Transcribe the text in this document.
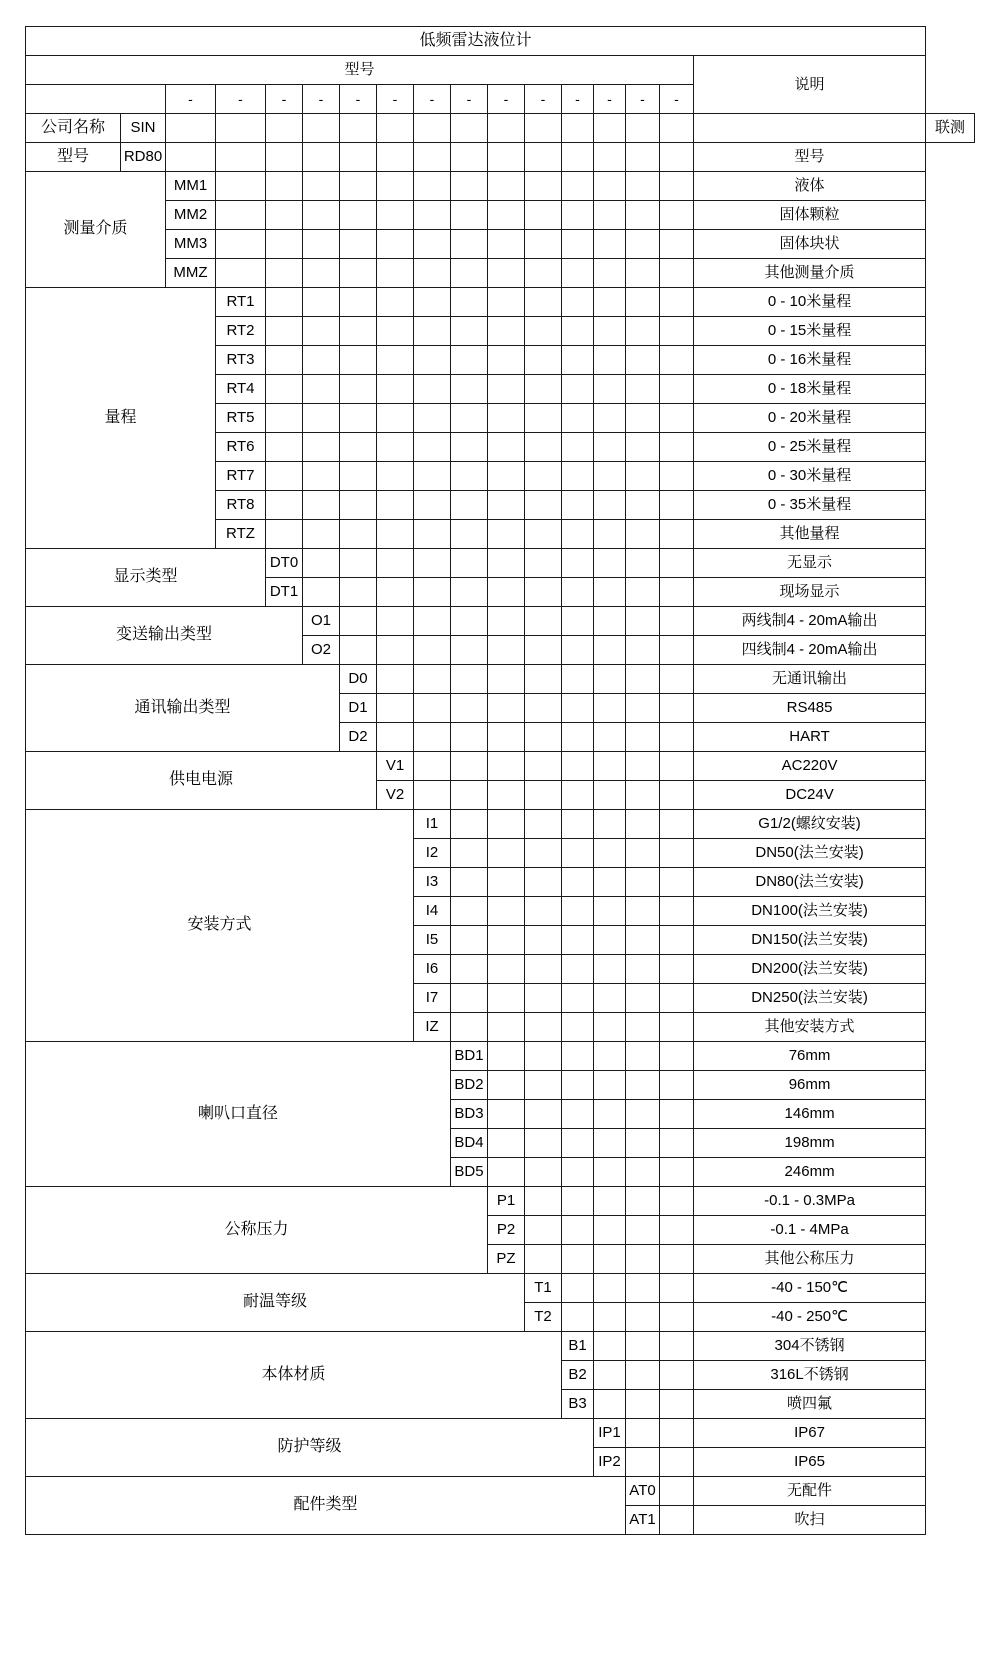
低频雷达液位计																	
型号																说明	
		-	-	-	-	-	-	-	-	-	-	-	-	-	-		
公司名称	SIN																联测
型号	RD80															型号	
测量介质		MM1														液体	
		MM2														固体颗粒	
		MM3														固体块状	
		MMZ														其他测量介质	
量程			RT1													0 - 10米量程	
			RT2													0 - 15米量程	
			RT3													0 - 16米量程	
			RT4													0 - 18米量程	
			RT5													0 - 20米量程	
			RT6													0 - 25米量程	
			RT7													0 - 30米量程	
			RT8													0 - 35米量程	
			RTZ													其他量程	
显示类型				DT0												无显示	
				DT1												现场显示	
变送输出类型					O1											两线制4 - 20mA输出	
					O2											四线制4 - 20mA输出	
通讯输出类型						D0										无通讯输出	
						D1										RS485	
						D2										HART	
供电电源							V1									AC220V	
							V2									DC24V	
安装方式								I1								G1/2(螺纹安装)	
								I2								DN50(法兰安装)	
								I3								DN80(法兰安装)	
								I4								DN100(法兰安装)	
								I5								DN150(法兰安装)	
								I6								DN200(法兰安装)	
								I7								DN250(法兰安装)	
								IZ								其他安装方式	
喇叭口直径									BD1							76mm	
									BD2							96mm	
									BD3							146mm	
									BD4							198mm	
									BD5							246mm	
公称压力										P1						-0.1 - 0.3MPa	
										P2						-0.1 - 4MPa	
										PZ						其他公称压力	
耐温等级											T1					-40 - 150℃	
											T2					-40 - 250℃	
本体材质												B1				304不锈钢	
												B2				316L不锈钢	
												B3				喷四氟	
防护等级													IP1			IP67	
													IP2			IP65	
配件类型														AT0		无配件	
														AT1		吹扫	
